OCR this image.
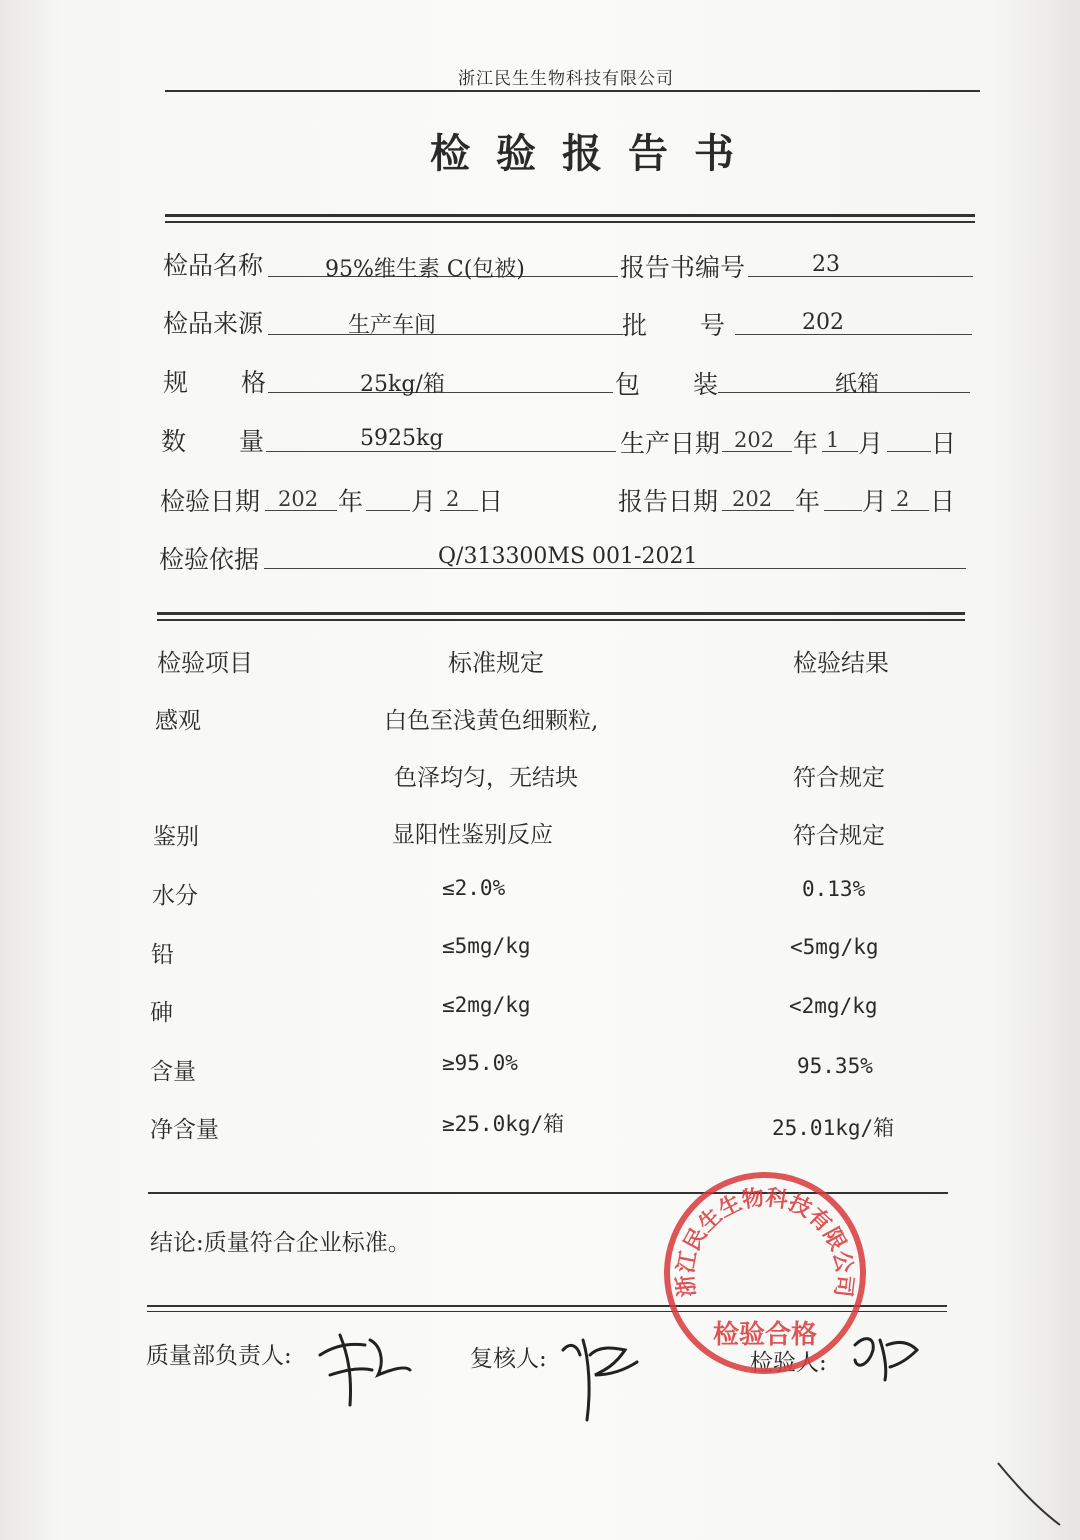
浙江民生生物科技有限公司
检验报告书
检品名称	95%维生素 C(包被)	报告书编号	23
检品来源	生产车间	批　　号	202
规　　格	25kg/箱	包　　装	纸箱
数　　量	5925kg	生产日期 202 年 1 月 日
检验日期 202 年 月 2 日	报告日期 202 年 月 2 日
检验依据	Q/313300MS 001-2021
检验项目	标准规定	检验结果
感观	白色至浅黄色细颗粒,
色泽均匀，无结块	符合规定
鉴别	显阳性鉴别反应	符合规定
水分	≤2.0%	0.13%
铅	≤5mg/kg	<5mg/kg
砷	≤2mg/kg	<2mg/kg
含量	≥95.0%	95.35%
净含量	≥25.0kg/箱	25.01kg/箱
结论:质量符合企业标准。
质量部负责人:	复核人:	检验人:
浙江民生生物科技有限公司
检验合格
